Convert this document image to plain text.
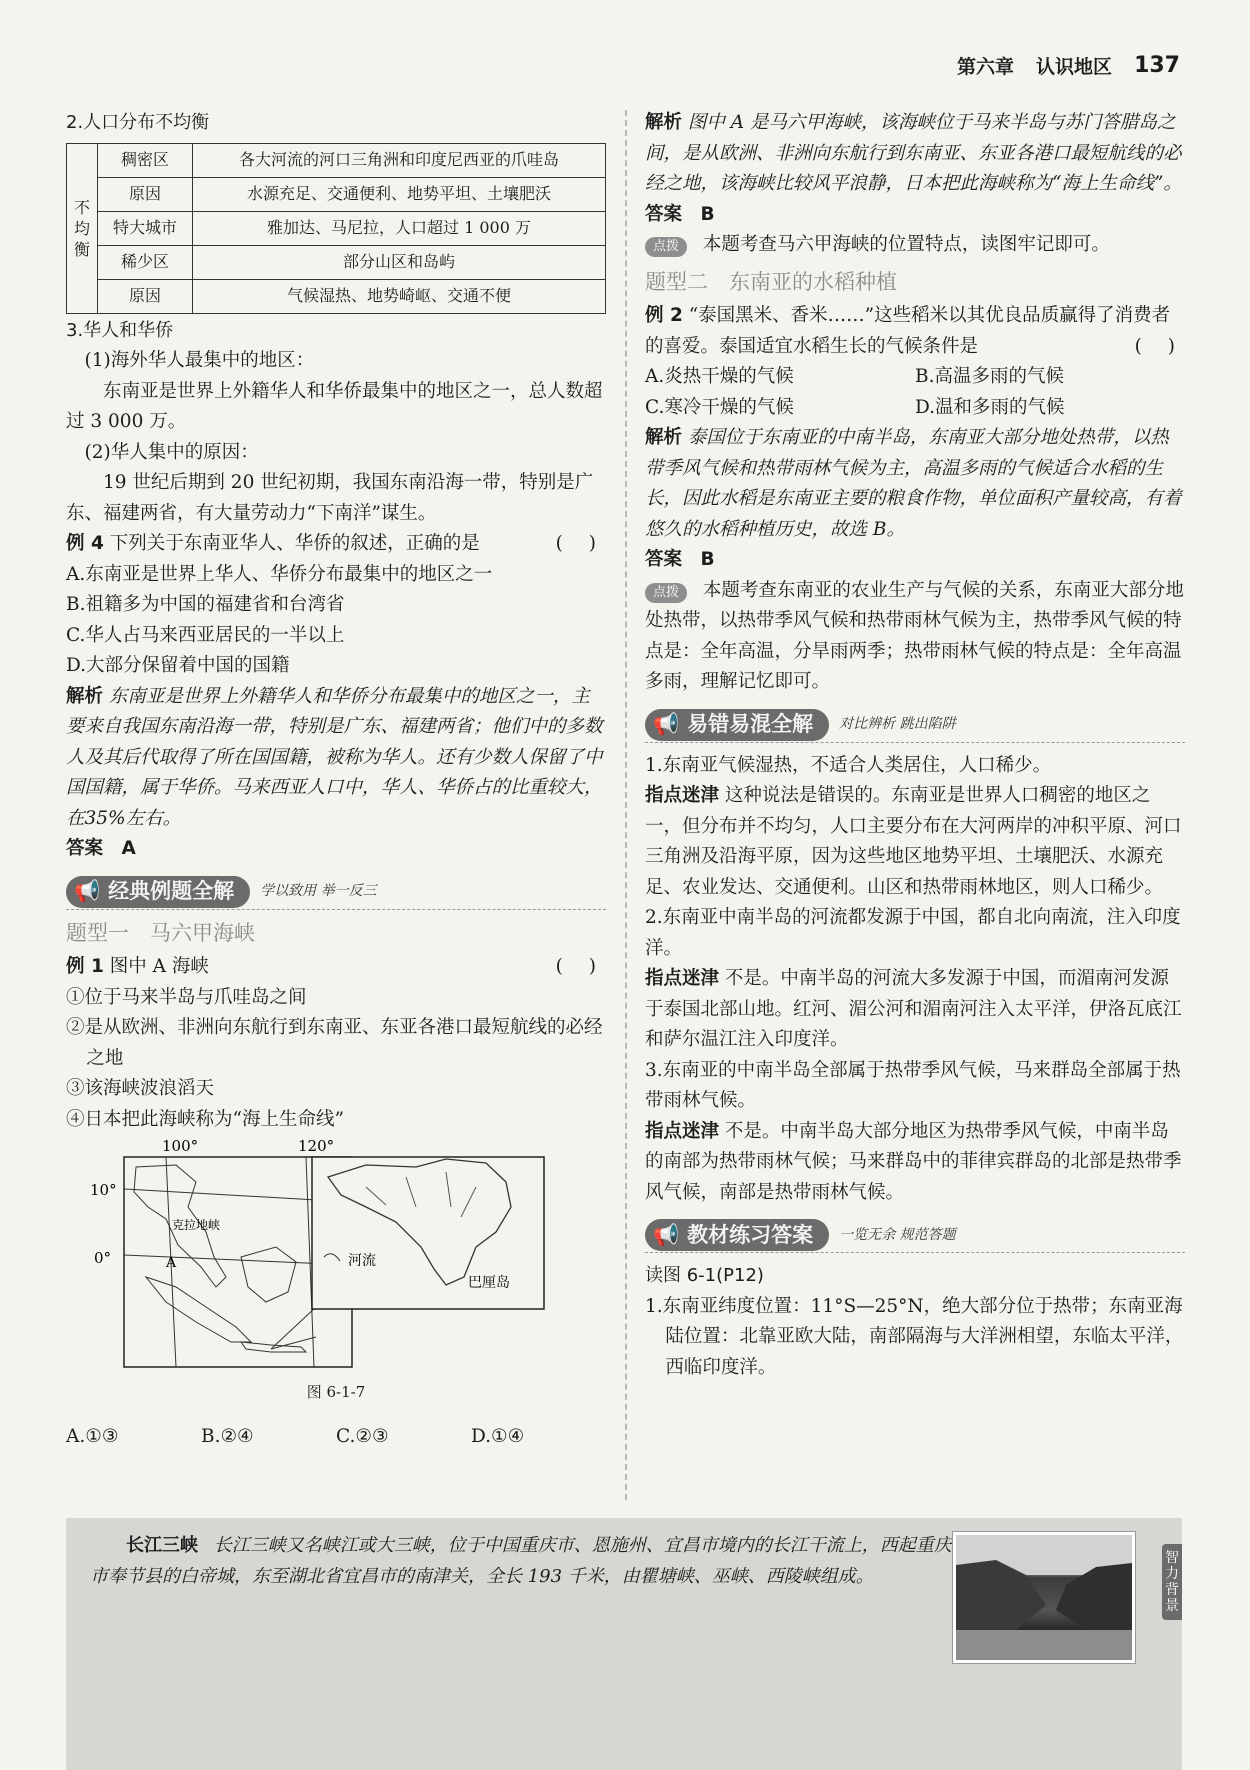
第六章 认识地区 137

2.人口分布不均衡

不均衡	稠密区	各大河流的河口三角洲和印度尼西亚的爪哇岛
	原因	水源充足、交通便利、地势平坦、土壤肥沃
	特大城市	雅加达、马尼拉，人口超过 1 000 万
	稀少区	部分山区和岛屿
	原因	气候湿热、地势崎岖、交通不便

3.华人和华侨

(1)海外华人最集中的地区：

东南亚是世界上外籍华人和华侨最集中的地区之一，总人数超过 3 000 万。

(2)华人集中的原因：

19 世纪后期到 20 世纪初期，我国东南沿海一带，特别是广东、福建两省，有大量劳动力“下南洋”谋生。

例 4 下列关于东南亚华人、华侨的叙述，正确的是	( )

A.东南亚是世界上华人、华侨分布最集中的地区之一

B.祖籍多为中国的福建省和台湾省

C.华人占马来西亚居民的一半以上

D.大部分保留着中国的国籍

解析 东南亚是世界上外籍华人和华侨分布最集中的地区之一，主要来自我国东南沿海一带，特别是广东、福建两省；他们中的多数人及其后代取得了所在国国籍，被称为华人。还有少数人保留了中国国籍，属于华侨。马来西亚人口中，华人、华侨占的比重较大，在35%左右。

答案 A

📢 经典例题全解 学以致用 举一反三

题型一　马六甲海峡

例 1 图中 A 海峡	( )

①位于马来半岛与爪哇岛之间

②是从欧洲、非洲向东航行到东南亚、东亚各港口最短航线的必经之地

③该海峡波浪滔天

④日本把此海峡称为“海上生命线”

100°	120°
10°
0°
克拉地峡
A	河流
巴厘岛

图 6-1-7

A.①③	B.②④	C.②③	D.①④

解析 图中 A 是马六甲海峡，该海峡位于马来半岛与苏门答腊岛之间，是从欧洲、非洲向东航行到东南亚、东亚各港口最短航线的必经之地，该海峡比较风平浪静，日本把此海峡称为“海上生命线”。

答案 B

点拨 本题考查马六甲海峡的位置特点，读图牢记即可。

题型二　东南亚的水稻种植

例 2 “泰国黑米、香米……”这些稻米以其优良品质赢得了消费者的喜爱。泰国适宜水稻生长的气候条件是	( )

A.炎热干燥的气候	B.高温多雨的气候

C.寒冷干燥的气候	D.温和多雨的气候

解析 泰国位于东南亚的中南半岛，东南亚大部分地处热带，以热带季风气候和热带雨林气候为主，高温多雨的气候适合水稻的生长，因此水稻是东南亚主要的粮食作物，单位面积产量较高，有着悠久的水稻种植历史，故选 B。

答案 B

点拨 本题考查东南亚的农业生产与气候的关系，东南亚大部分地处热带，以热带季风气候和热带雨林气候为主，热带季风气候的特点是：全年高温，分旱雨两季；热带雨林气候的特点是：全年高温多雨，理解记忆即可。

📢 易错易混全解 对比辨析 跳出陷阱

1.东南亚气候湿热，不适合人类居住，人口稀少。

指点迷津 这种说法是错误的。东南亚是世界人口稠密的地区之一，但分布并不均匀，人口主要分布在大河两岸的冲积平原、河口三角洲及沿海平原，因为这些地区地势平坦、土壤肥沃、水源充足、农业发达、交通便利。山区和热带雨林地区，则人口稀少。

2.东南亚中南半岛的河流都发源于中国，都自北向南流，注入印度洋。

指点迷津 不是。中南半岛的河流大多发源于中国，而湄南河发源于泰国北部山地。红河、湄公河和湄南河注入太平洋，伊洛瓦底江和萨尔温江注入印度洋。

3.东南亚的中南半岛全部属于热带季风气候，马来群岛全部属于热带雨林气候。

指点迷津 不是。中南半岛大部分地区为热带季风气候，中南半岛的南部为热带雨林气候；马来群岛中的菲律宾群岛的北部是热带季风气候，南部是热带雨林气候。

📢 教材练习答案 一览无余 规范答题

读图 6-1(P12)

1.东南亚纬度位置：11°S—25°N，绝大部分位于热带；东南亚海陆位置：北靠亚欧大陆，南部隔海与大洋洲相望，东临太平洋，西临印度洋。

长江三峡 长江三峡又名峡江或大三峡，位于中国重庆市、恩施州、宜昌市境内的长江干流上，西起重庆市奉节县的白帝城，东至湖北省宜昌市的南津关，全长 193 千米，由瞿塘峡、巫峡、西陵峡组成。

智力背景
